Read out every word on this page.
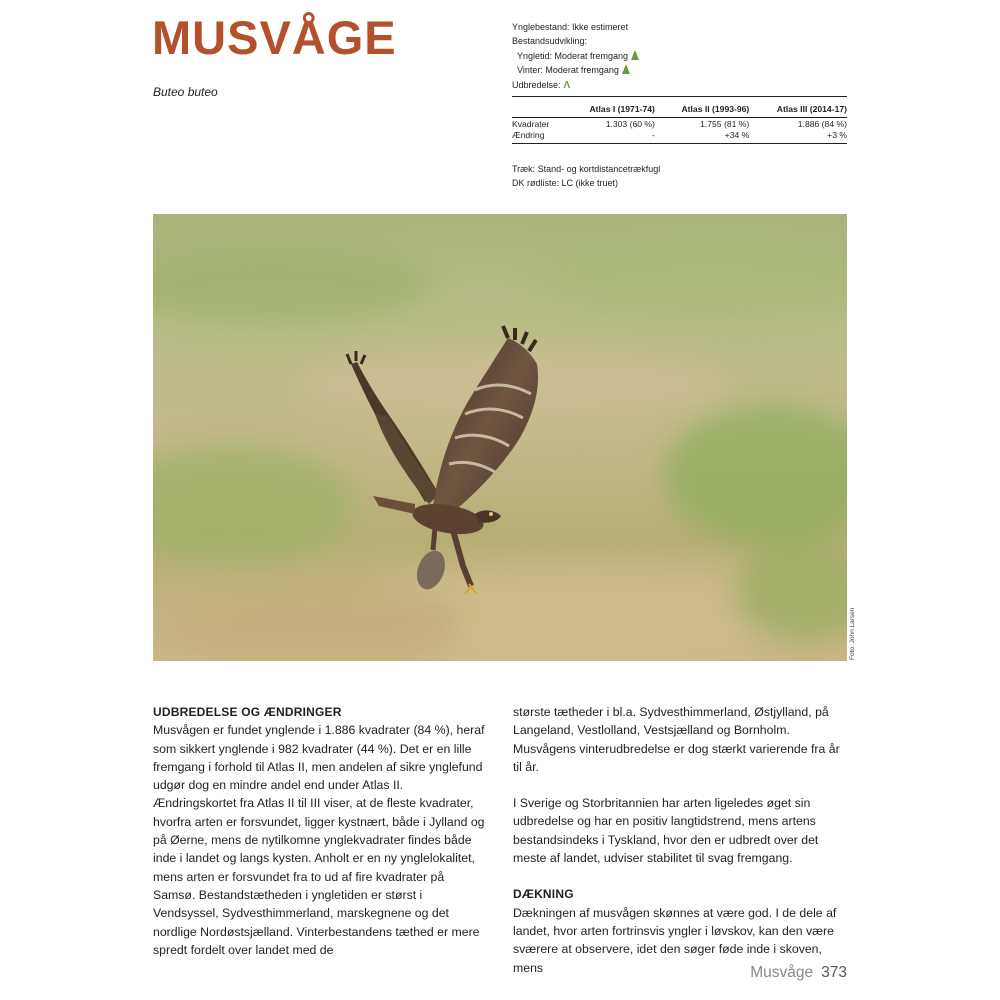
MUSVÅGE
Buteo buteo
Ynglebestand: Ikke estimeret
Bestandsudvikling:
Yngletid: Moderat fremgang
Vinter: Moderat fremgang
Udbredelse: Λ
	Atlas I (1971-74)	Atlas II (1993-96)	Atlas III (2014-17)
Kvadrater	1.303 (60 %)	1.755 (81 %)	1.886 (84 %)
Ændring	-	+34 %	+3 %
Træk: Stand- og kortdistancetrækfugl
DK rødliste: LC (ikke truet)
Foto: John Larsen

UDBREDELSE OG ÆNDRINGER

Musvågen er fundet ynglende i 1.886 kvadrater (84 %), heraf som sikkert ynglende i 982 kvadrater (44 %). Det er en lille fremgang i forhold til Atlas II, men andelen af sikre ynglefund udgør dog en mindre andel end under Atlas II. Ændringskortet fra Atlas II til III viser, at de fleste kvadrater, hvorfra arten er forsvundet, ligger kystnært, både i Jylland og på Øerne, mens de nytilkomne ynglekvadrater findes både inde i landet og langs kysten. Anholt er en ny ynglelokalitet, mens arten er forsvundet fra to ud af fire kvadrater på Samsø. Bestandstætheden i yngletiden er størst i Vendsyssel, Sydvesthimmerland, marskegnene og det nordlige Nordøstsjælland. Vinterbestandens tæthed er mere spredt fordelt over landet med de

største tætheder i bl.a. Sydvesthimmerland, Østjylland, på Langeland, Vestlolland, Vestsjælland og Bornholm. Musvågens vinterudbredelse er dog stærkt varierende fra år til år.

I Sverige og Storbritannien har arten ligeledes øget sin udbredelse og har en positiv langtidstrend, mens artens bestandsindeks i Tyskland, hvor den er udbredt over det meste af landet, udviser stabilitet til svag fremgang.

DÆKNING

Dækningen af musvågen skønnes at være god. I de dele af landet, hvor arten fortrinsvis yngler i løvskov, kan den være sværere at observere, idet den søger føde inde i skoven, mens	Musvåge 373
